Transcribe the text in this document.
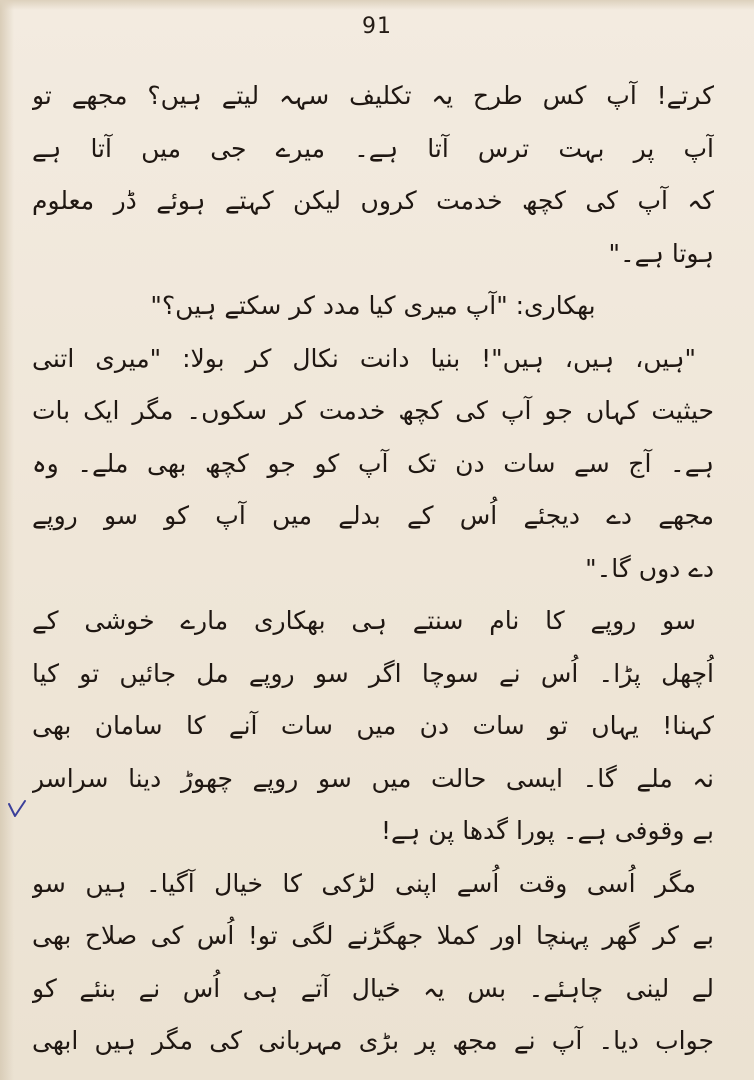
91
کرتے! آپ کس طرح یہ تکلیف سہہ لیتے ہیں؟ مجھے تو
آپ پر بہت ترس آتا ہے۔ میرے جی میں آتا ہے
کہ آپ کی کچھ خدمت کروں لیکن کہتے ہوئے ڈر معلوم
ہوتا ہے۔"
بھکاری: "آپ میری کیا مدد کر سکتے ہیں؟"
"ہیں، ہیں، ہیں"! بنیا دانت نکال کر بولا: "میری اتنی
حیثیت کہاں جو آپ کی کچھ خدمت کر سکوں۔ مگر ایک بات
ہے۔ آج سے سات دن تک آپ کو جو کچھ بھی ملے۔ وہ
مجھے دے دیجئے اُس کے بدلے میں آپ کو سو روپے
دے دوں گا۔"
سو روپے کا نام سنتے ہی بھکاری مارے خوشی کے
اُچھل پڑا۔ اُس نے سوچا اگر سو روپے مل جائیں تو کیا
کہنا! یہاں تو سات دن میں سات آنے کا سامان بھی
نہ ملے گا۔ ایسی حالت میں سو روپے چھوڑ دینا سراسر
بے وقوفی ہے۔ پورا گدھا پن ہے!
مگر اُسی وقت اُسے اپنی لڑکی کا خیال آگیا۔ ہیں سو
بے کر گھر پہنچا اور کملا جھگڑنے لگی تو! اُس کی صلاح بھی
لے لینی چاہئے۔ بس یہ خیال آتے ہی اُس نے بنئے کو
جواب دیا۔ آپ نے مجھ پر بڑی مہربانی کی مگر ہیں ابھی
